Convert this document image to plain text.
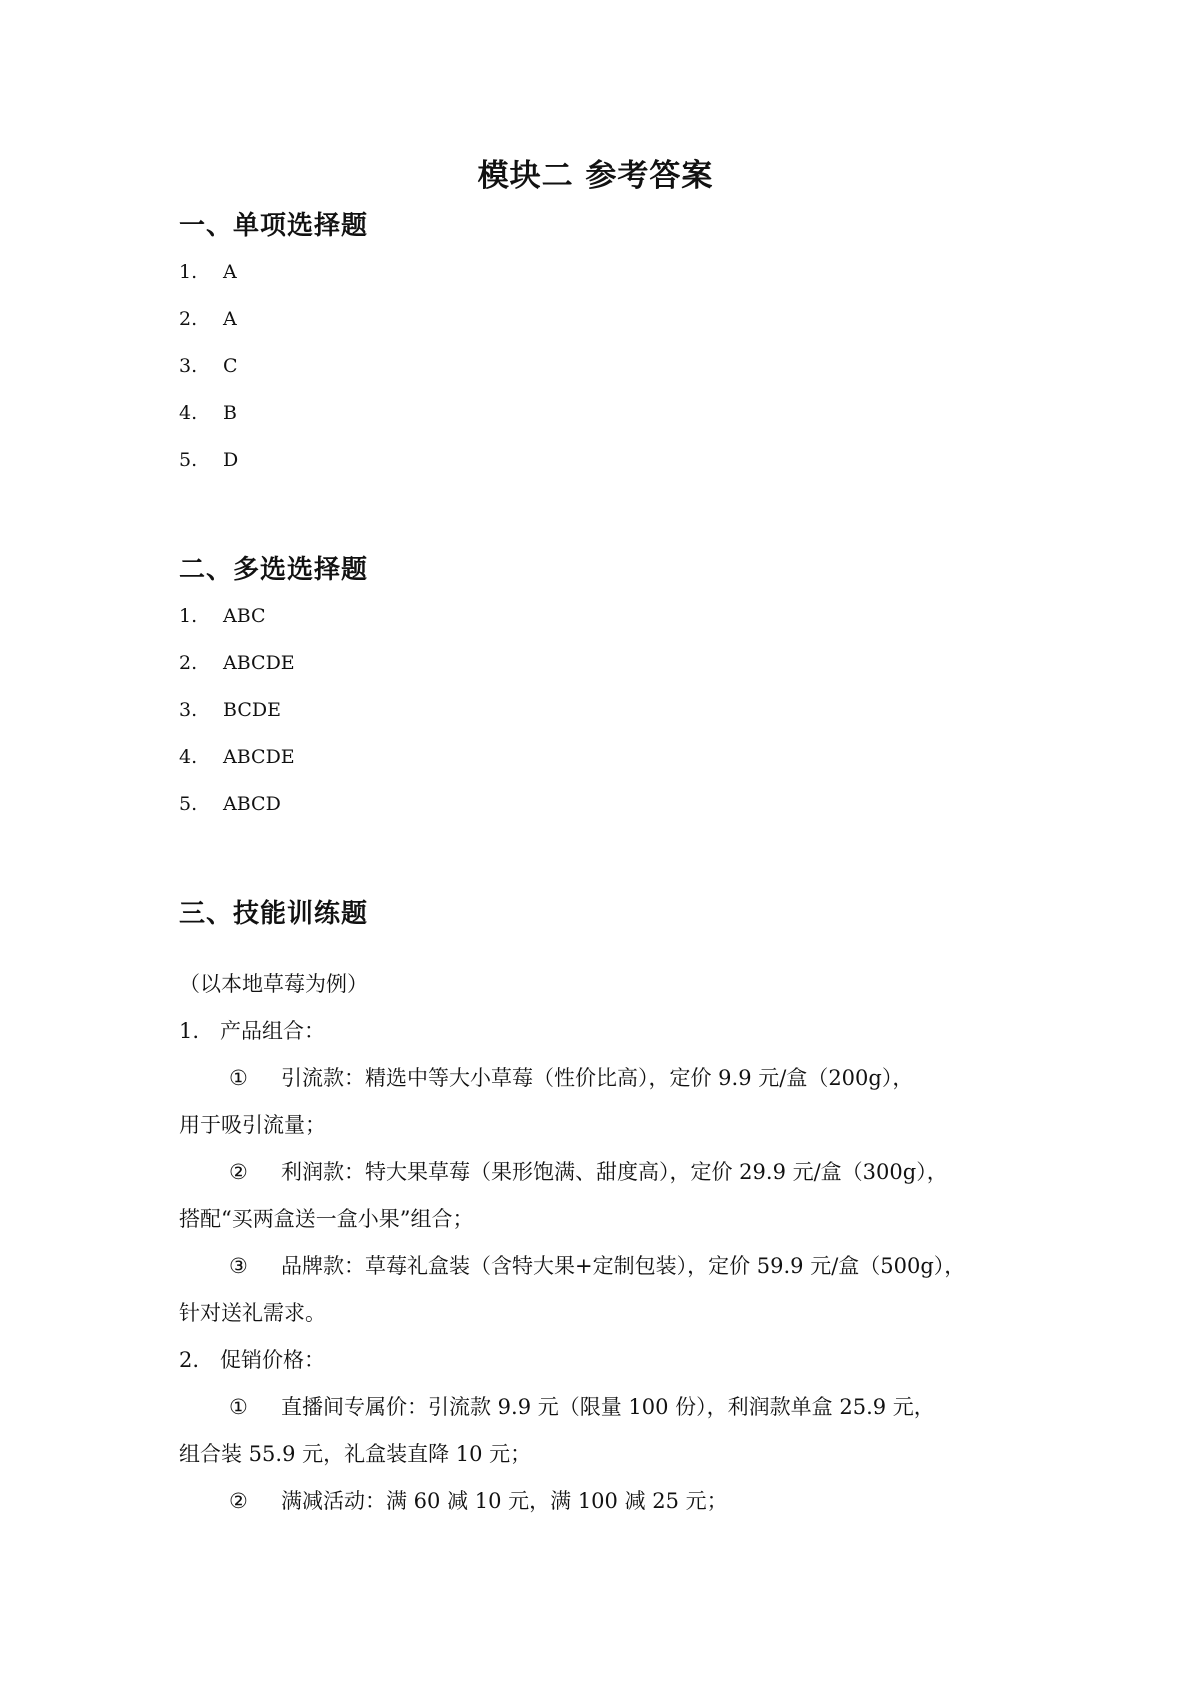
模块二 参考答案
一、单项选择题
1. A
2. A
3. C
4. B
5. D
二、多选选择题
1. ABC
2. ABCDE
3. BCDE
4. ABCDE
5. ABCD
三、技能训练题
（以本地草莓为例）
1.　产品组合：
① 引流款：精选中等大小草莓（性价比高），定价 9.9 元/盒（200g），
用于吸引流量；
② 利润款：特大果草莓（果形饱满、甜度高），定价 29.9 元/盒（300g），
搭配“买两盒送一盒小果”组合；
③ 品牌款：草莓礼盒装（含特大果+定制包装），定价 59.9 元/盒（500g），
针对送礼需求。
2.　促销价格：
① 直播间专属价：引流款 9.9 元（限量 100 份），利润款单盒 25.9 元，
组合装 55.9 元，礼盒装直降 10 元；
② 满减活动：满 60 减 10 元，满 100 减 25 元；
